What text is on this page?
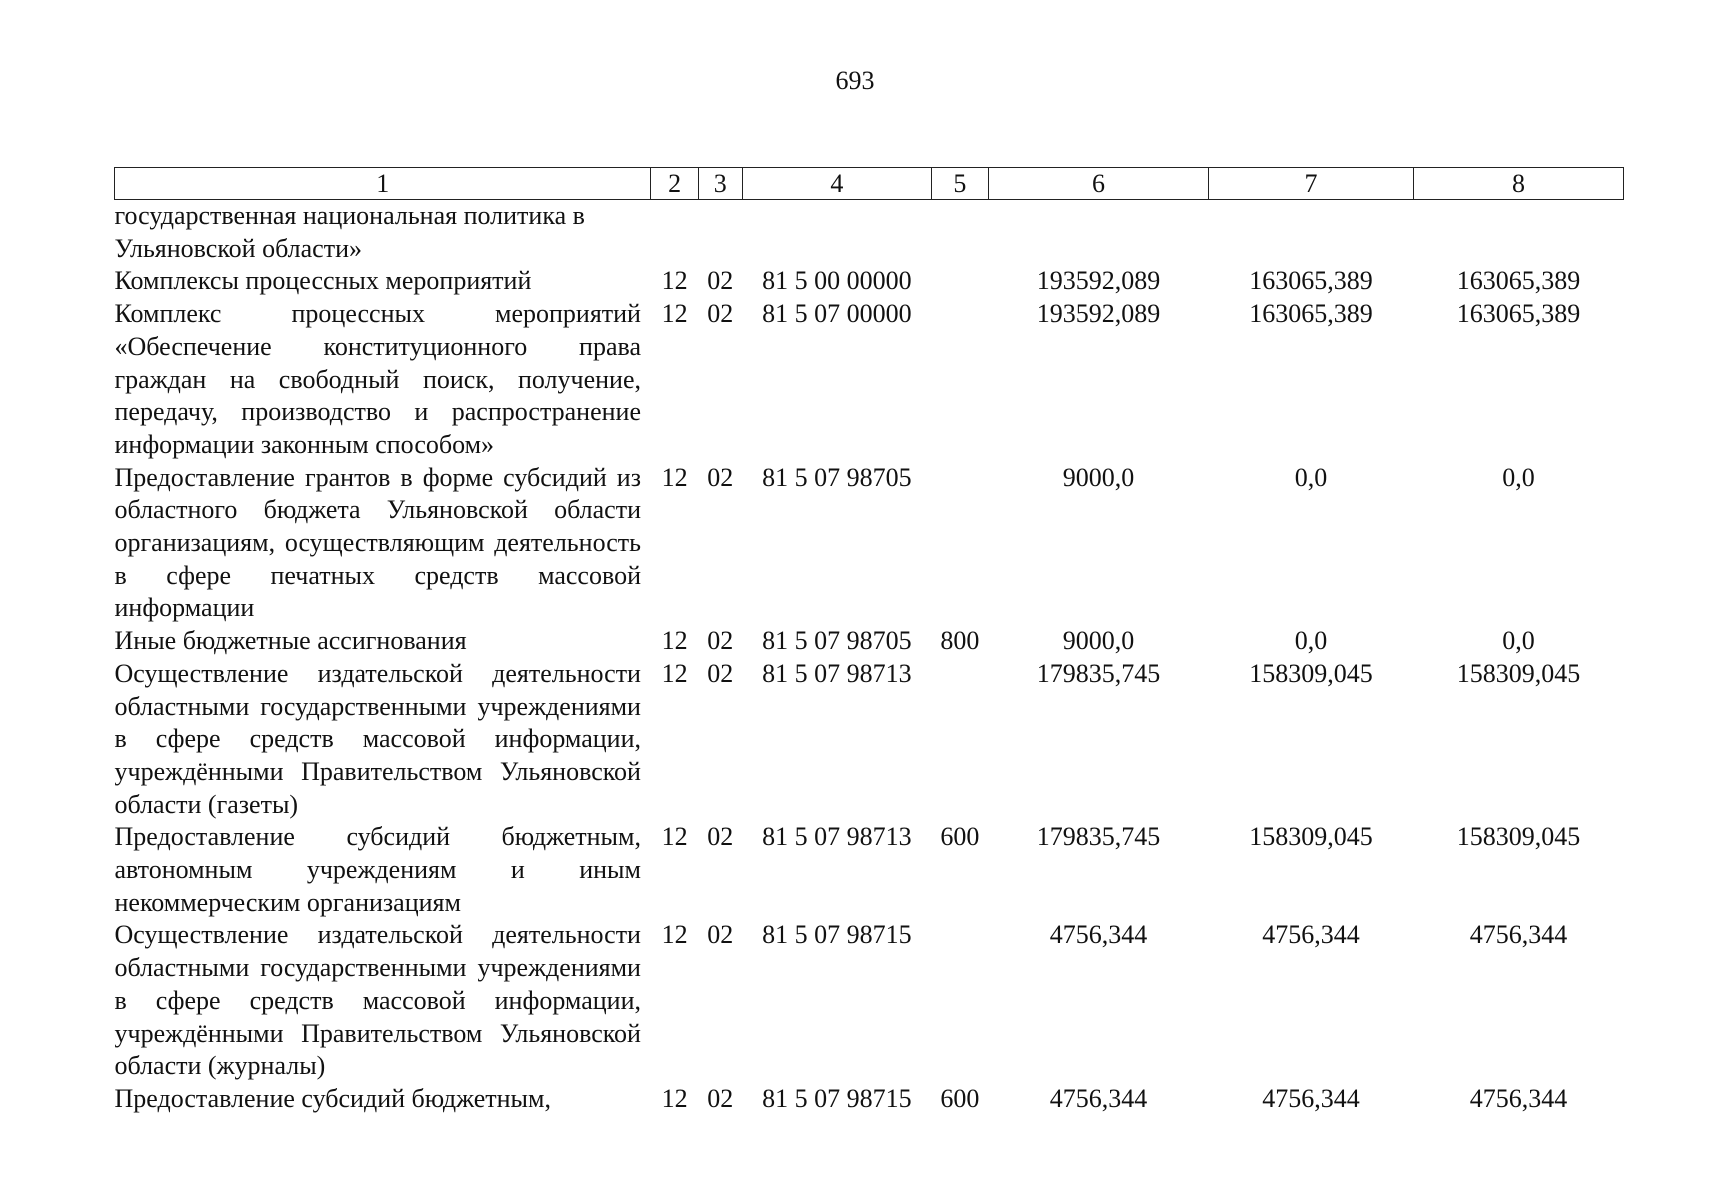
693
1	2	3	4	5	6	7	8
государственная национальная политика в Ульяновской области»							
Комплексы процессных мероприятий	12	02	81 5 00 00000		193592,089	163065,389	163065,389
Комплекс процессных мероприятий «Обеспечение конституционного права граждан на свободный поиск, получение, передачу, производство и распространение информации законным способом»	12	02	81 5 07 00000		193592,089	163065,389	163065,389
Предоставление грантов в форме субсидий из областного бюджета Ульяновской области организациям, осуществляющим деятельность в сфере печатных средств массовой информации	12	02	81 5 07 98705		9000,0	0,0	0,0
Иные бюджетные ассигнования	12	02	81 5 07 98705	800	9000,0	0,0	0,0
Осуществление издательской деятельности областными государственными учреждениями в сфере средств массовой информации, учреждёнными Правительством Ульяновской области (газеты)	12	02	81 5 07 98713		179835,745	158309,045	158309,045
Предоставление субсидий бюджетным, автономным учреждениям и иным некоммерческим организациям	12	02	81 5 07 98713	600	179835,745	158309,045	158309,045
Осуществление издательской деятельности областными государственными учреждениями в сфере средств массовой информации, учреждёнными Правительством Ульяновской области (журналы)	12	02	81 5 07 98715		4756,344	4756,344	4756,344
Предоставление субсидий бюджетным,	12	02	81 5 07 98715	600	4756,344	4756,344	4756,344
